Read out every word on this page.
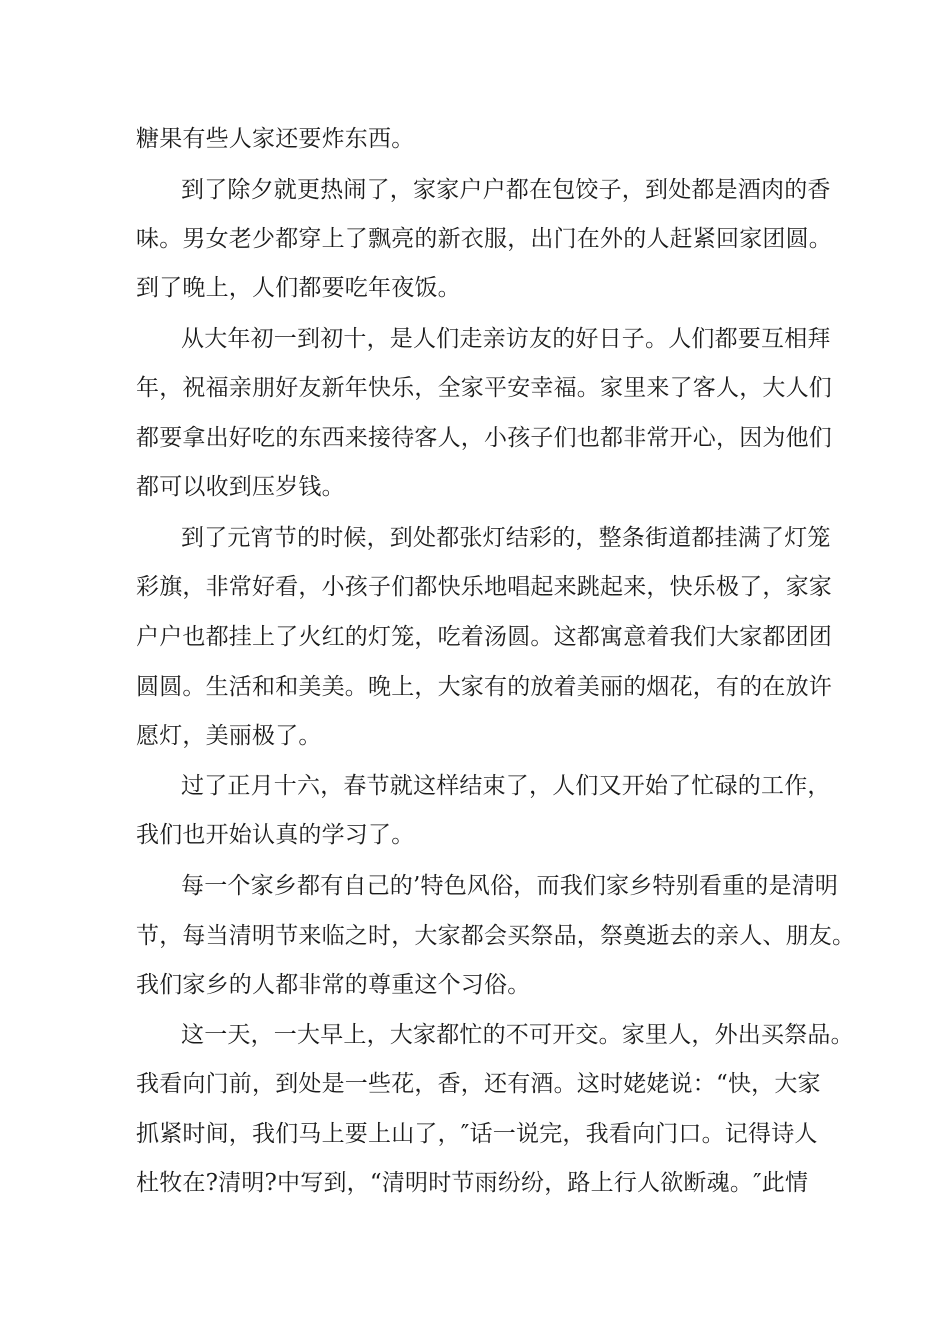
糖果有些人家还要炸东西。
到了除夕就更热闹了，家家户户都在包饺子，到处都是酒肉的香
味。男女老少都穿上了飘亮的新衣服，出门在外的人赶紧回家团圆。
到了晚上，人们都要吃年夜饭。
从大年初一到初十，是人们走亲访友的好日子。人们都要互相拜
年，祝福亲朋好友新年快乐，全家平安幸福。家里来了客人，大人们
都要拿出好吃的东西来接待客人，小孩子们也都非常开心，因为他们
都可以收到压岁钱。
到了元宵节的时候，到处都张灯结彩的，整条街道都挂满了灯笼
彩旗，非常好看，小孩子们都快乐地唱起来跳起来，快乐极了，家家
户户也都挂上了火红的灯笼，吃着汤圆。这都寓意着我们大家都团团
圆圆。生活和和美美。晚上，大家有的放着美丽的烟花，有的在放许
愿灯，美丽极了。
过了正月十六，春节就这样结束了，人们又开始了忙碌的工作，
我们也开始认真的学习了。
每一个家乡都有自己的’特色风俗，而我们家乡特别看重的是清明
节，每当清明节来临之时，大家都会买祭品，祭奠逝去的亲人、朋友。
我们家乡的人都非常的尊重这个习俗。
这一天，一大早上，大家都忙的不可开交。家里人，外出买祭品。
我看向门前，到处是一些花，香，还有酒。这时姥姥说：“快，大家
抓紧时间，我们马上要上山了，″话一说完，我看向门口。记得诗人
杜牧在?清明?中写到，“清明时节雨纷纷，路上行人欲断魂。″此情
